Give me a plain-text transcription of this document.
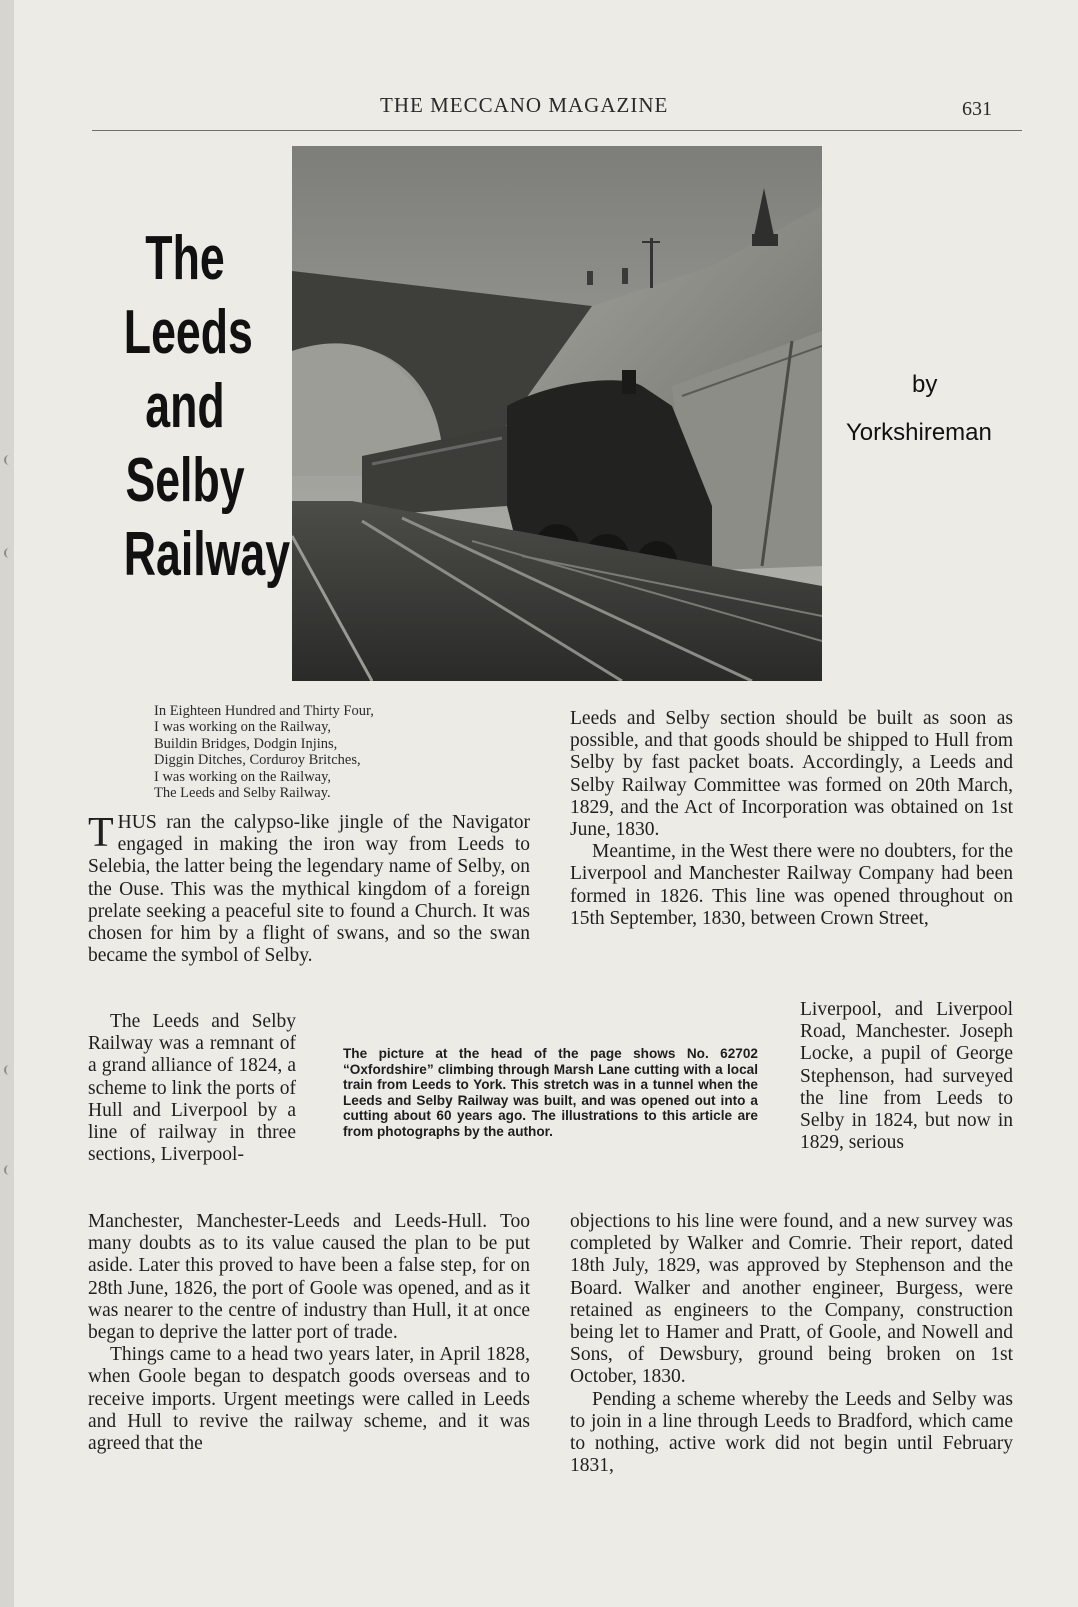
THE MECCANO MAGAZINE	631
The
Leeds
and
Selby
Railway
by
Yorkshireman
In Eighteen Hundred and Thirty Four,
I was working on the Railway,
Buildin Bridges, Dodgin Injins,
Diggin Ditches, Corduroy Britches,
I was working on the Railway,
The Leeds and Selby Railway.

THUS ran the calypso-like jingle of the Navigator engaged in making the iron way from Leeds to Selebia, the latter being the legendary name of Selby, on the Ouse. This was the mythical kingdom of a foreign prelate seeking a peaceful site to found a Church. It was chosen for him by a flight of swans, and so the swan became the symbol of Selby.

The Leeds and Selby Railway was a remnant of a grand alliance of 1824, a scheme to link the ports of Hull and Liverpool by a line of railway in three sections, Liverpool-

Manchester, Manchester-Leeds and Leeds-Hull. Too many doubts as to its value caused the plan to be put aside. Later this proved to have been a false step, for on 28th June, 1826, the port of Goole was opened, and as it was nearer to the centre of industry than Hull, it at once began to deprive the latter port of trade.

Things came to a head two years later, in April 1828, when Goole began to despatch goods overseas and to receive imports. Urgent meetings were called in Leeds and Hull to revive the railway scheme, and it was agreed that the

The picture at the head of the page shows No. 62702 “Oxfordshire” climbing through Marsh Lane cutting with a local train from Leeds to York. This stretch was in a tunnel when the Leeds and Selby Railway was built, and was opened out into a cutting about 60 years ago. The illustrations to this article are from photographs by the author.

Leeds and Selby section should be built as soon as possible, and that goods should be shipped to Hull from Selby by fast packet boats. Accordingly, a Leeds and Selby Railway Committee was formed on 20th March, 1829, and the Act of Incorporation was obtained on 1st June, 1830.

Meantime, in the West there were no doubters, for the Liverpool and Manchester Railway Company had been formed in 1826. This line was opened throughout on 15th September, 1830, between Crown Street,

Liverpool, and Liverpool Road, Manchester. Joseph Locke, a pupil of George Stephenson, had surveyed the line from Leeds to Selby in 1824, but now in 1829, serious

objections to his line were found, and a new survey was completed by Walker and Comrie. Their report, dated 18th July, 1829, was approved by Stephenson and the Board. Walker and another engineer, Burgess, were retained as engineers to the Company, construction being let to Hamer and Pratt, of Goole, and Nowell and Sons, of Dewsbury, ground being broken on 1st October, 1830.

Pending a scheme whereby the Leeds and Selby was to join in a line through Leeds to Bradford, which came to nothing, active work did not begin until February 1831,
